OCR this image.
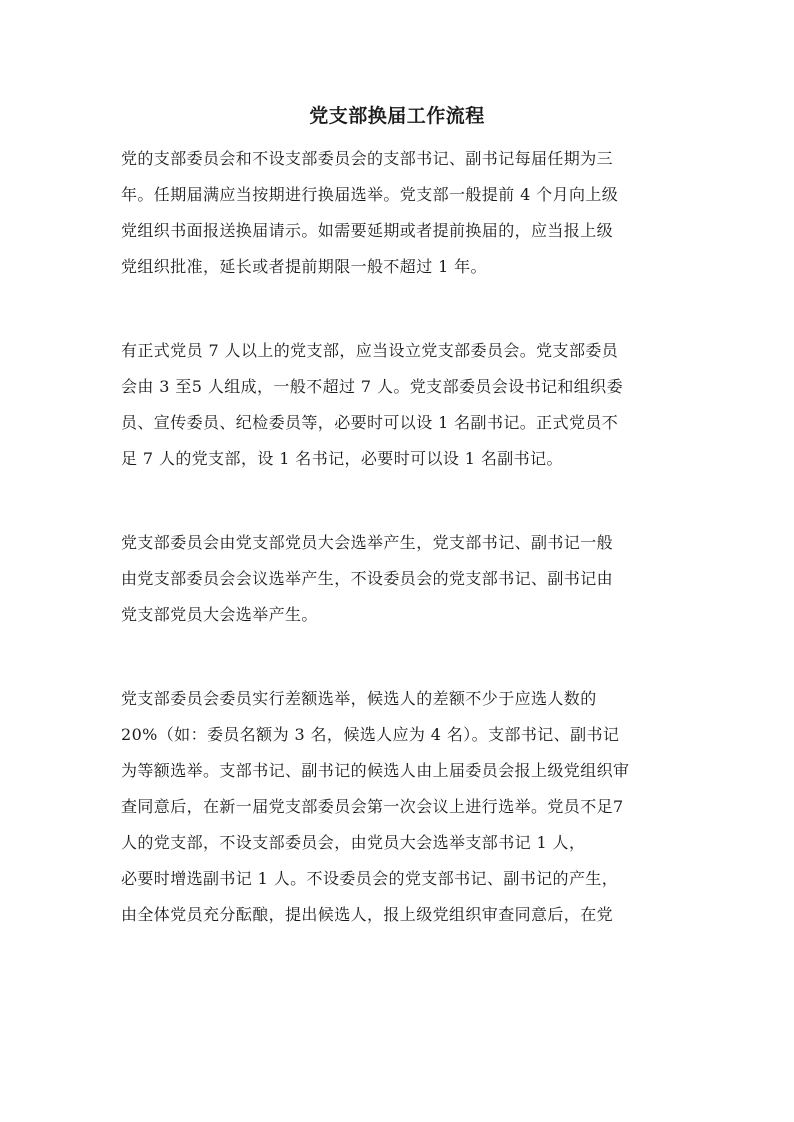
党支部换届工作流程

党的支部委员会和不设支部委员会的支部书记、副书记每届任期为三
年。任期届满应当按期进行换届选举。党支部一般提前 4 个月向上级
党组织书面报送换届请示。如需要延期或者提前换届的，应当报上级
党组织批准，延长或者提前期限一般不超过 1 年。

有正式党员 7 人以上的党支部，应当设立党支部委员会。党支部委员
会由 3 至5 人组成，一般不超过 7 人。党支部委员会设书记和组织委
员、宣传委员、纪检委员等，必要时可以设 1 名副书记。正式党员不
足 7 人的党支部，设 1 名书记，必要时可以设 1 名副书记。

党支部委员会由党支部党员大会选举产生，党支部书记、副书记一般
由党支部委员会会议选举产生，不设委员会的党支部书记、副书记由
党支部党员大会选举产生。

党支部委员会委员实行差额选举，候选人的差额不少于应选人数的
20%（如：委员名额为 3 名，候选人应为 4 名）。支部书记、副书记
为等额选举。支部书记、副书记的候选人由上届委员会报上级党组织审
查同意后，在新一届党支部委员会第一次会议上进行选举。党员不足7
人的党支部，不设支部委员会，由党员大会选举支部书记 1 人，
必要时增选副书记 1 人。不设委员会的党支部书记、副书记的产生，
由全体党员充分酝酿，提出候选人，报上级党组织审查同意后，在党
